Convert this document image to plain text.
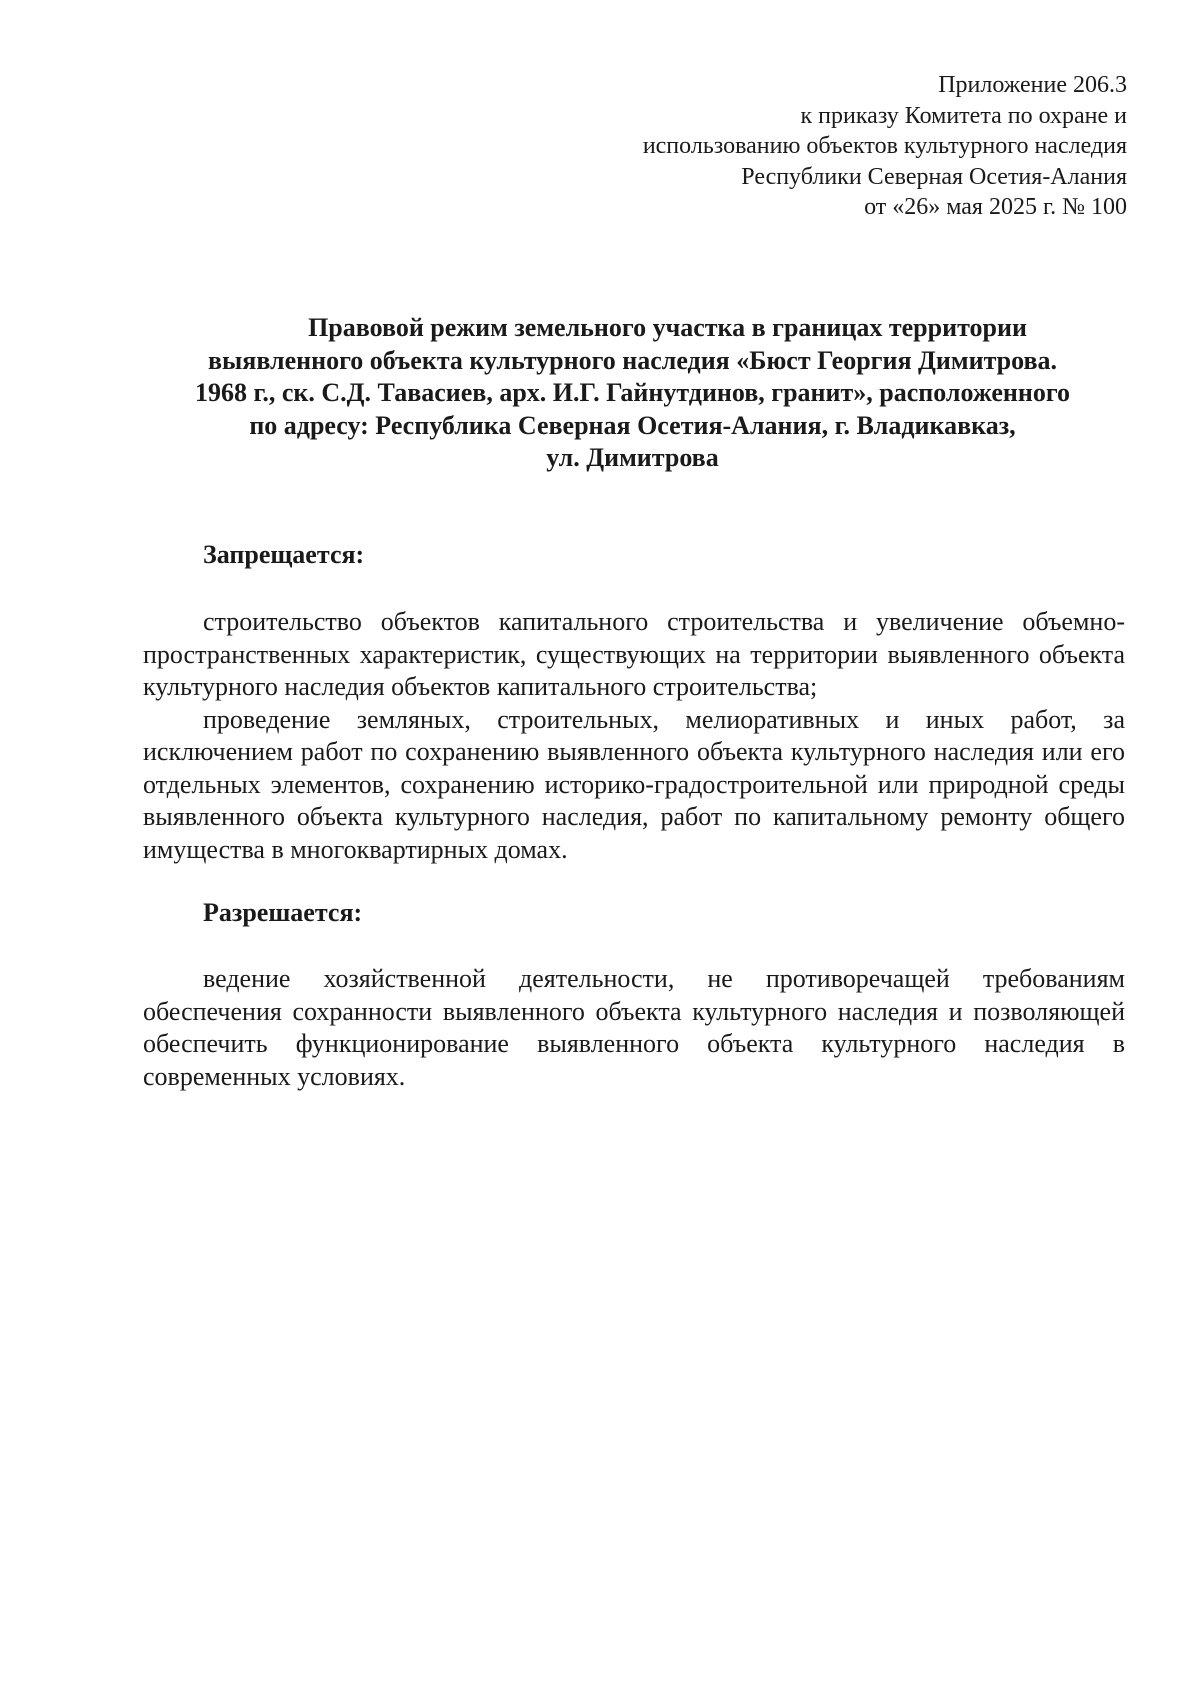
Приложение 206.3
к приказу Комитета по охране и
использованию объектов культурного наследия
Республики Северная Осетия-Алания
от «26» мая 2025 г. № 100
Правовой режим земельного участка в границах территории
выявленного объекта культурного наследия «Бюст Георгия Димитрова.
1968 г., ск. С.Д. Тавасиев, арх. И.Г. Гайнутдинов, гранит», расположенного
по адресу: Республика Северная Осетия-Алания, г. Владикавказ,
ул. Димитрова
Запрещается:

строительство объектов капитального строительства и увеличение объемно-пространственных характеристик, существующих на территории выявленного объекта культурного наследия объектов капитального строительства;

проведение земляных, строительных, мелиоративных и иных работ, за исключением работ по сохранению выявленного объекта культурного наследия или его отдельных элементов, сохранению историко-градостроительной или природной среды выявленного объекта культурного наследия, работ по капитальному ремонту общего имущества в многоквартирных домах.

Разрешается:

ведение хозяйственной деятельности, не противоречащей требованиям обеспечения сохранности выявленного объекта культурного наследия и позволяющей обеспечить функционирование выявленного объекта культурного наследия в современных условиях.
